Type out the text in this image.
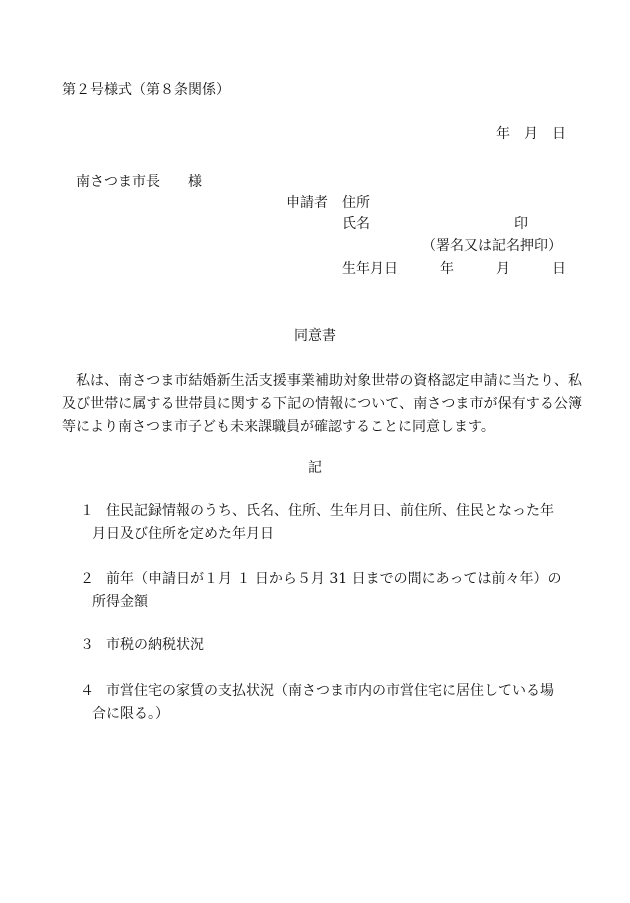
第２号様式（第８条関係）
年 月 日
南さつま市長　　様
申請者 住所
氏名	印
（署名又は記名押印）
生年月日	年	月	日
同意書
私は、南さつま市結婚新生活支援事業補助対象世帯の資格認定申請に当たり、私及び世帯に属する世帯員に関する下記の情報について、南さつま市が保有する公簿等により南さつま市子ども未来課職員が確認することに同意します。
記
１ 住民記録情報のうち、氏名、住所、生年月日、前住所、住民となった年
月日及び住所を定めた年月日
２ 前年（申請日が１月 １ 日から５月 31 日までの間にあっては前々年）の
所得金額
３ 市税の納税状況
４ 市営住宅の家賃の支払状況（南さつま市内の市営住宅に居住している場
合に限る。）
